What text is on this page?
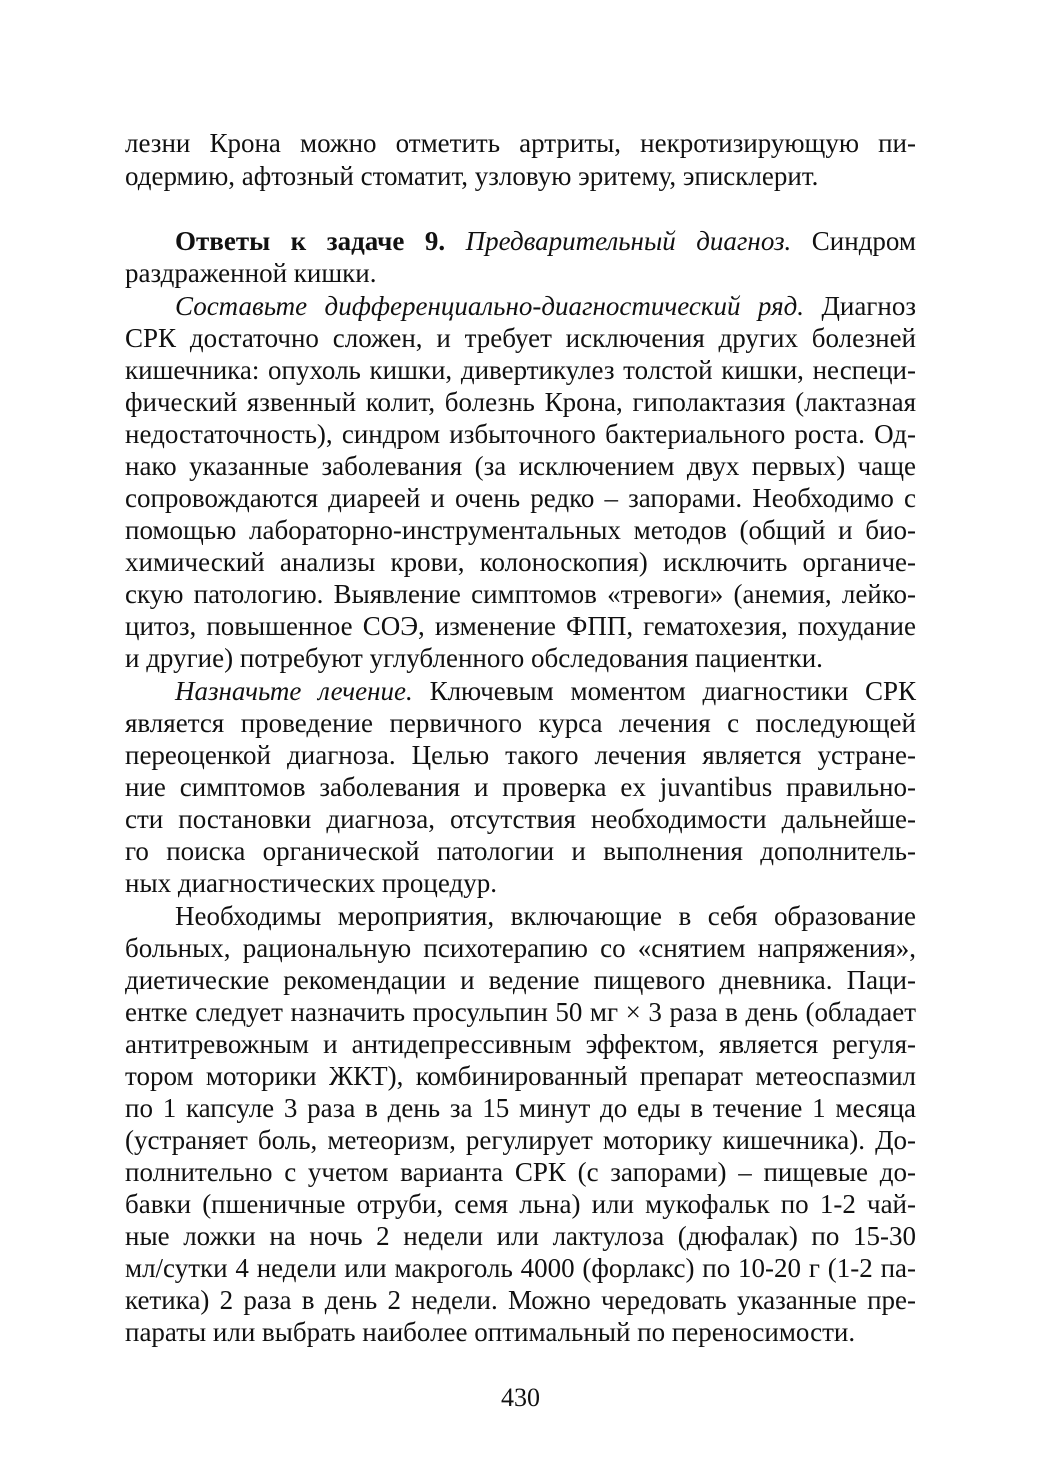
лезни Крона можно отметить артриты, некротизирующую пи-
одермию, афтозный стоматит, узловую эритему, эписклерит.
Ответы к задаче 9. Предварительный диагноз. Синдром
раздраженной кишки.
Составьте дифференциально-диагностический ряд. Диагноз
СРК достаточно сложен, и требует исключения других болезней
кишечника: опухоль кишки, дивертикулез толстой кишки, неспеци-
фический язвенный колит, болезнь Крона, гиполактазия (лактазная
недостаточность), синдром избыточного бактериального роста. Од-
нако указанные заболевания (за исключением двух первых) чаще
сопровождаются диареей и очень редко – запорами. Необходимо с
помощью лабораторно-инструментальных методов (общий и био-
химический анализы крови, колоноскопия) исключить органиче-
скую патологию. Выявление симптомов «тревоги» (анемия, лейко-
цитоз, повышенное СОЭ, изменение ФПП, гематохезия, похудание
и другие) потребуют углубленного обследования пациентки.
Назначьте лечение. Ключевым моментом диагностики СРК
является проведение первичного курса лечения с последующей
переоценкой диагноза. Целью такого лечения является устране-
ние симптомов заболевания и проверка ex juvantibus правильно-
сти постановки диагноза, отсутствия необходимости дальнейше-
го поиска органической патологии и выполнения дополнитель-
ных диагностических процедур.
Необходимы мероприятия, включающие в себя образование
больных, рациональную психотерапию со «снятием напряжения»,
диетические рекомендации и ведение пищевого дневника. Паци-
ентке следует назначить просульпин 50 мг × 3 раза в день (обладает
антитревожным и антидепрессивным эффектом, является регуля-
тором моторики ЖКТ), комбинированный препарат метеоспазмил
по 1 капсуле 3 раза в день за 15 минут до еды в течение 1 месяца
(устраняет боль, метеоризм, регулирует моторику кишечника). До-
полнительно с учетом варианта СРК (с запорами) – пищевые до-
бавки (пшеничные отруби, семя льна) или мукофальк по 1-2 чай-
ные ложки на ночь 2 недели или лактулоза (дюфалак) по 15-30
мл/сутки 4 недели или макроголь 4000 (форлакс) по 10-20 г (1-2 па-
кетика) 2 раза в день 2 недели. Можно чередовать указанные пре-
параты или выбрать наиболее оптимальный по переносимости.
430
